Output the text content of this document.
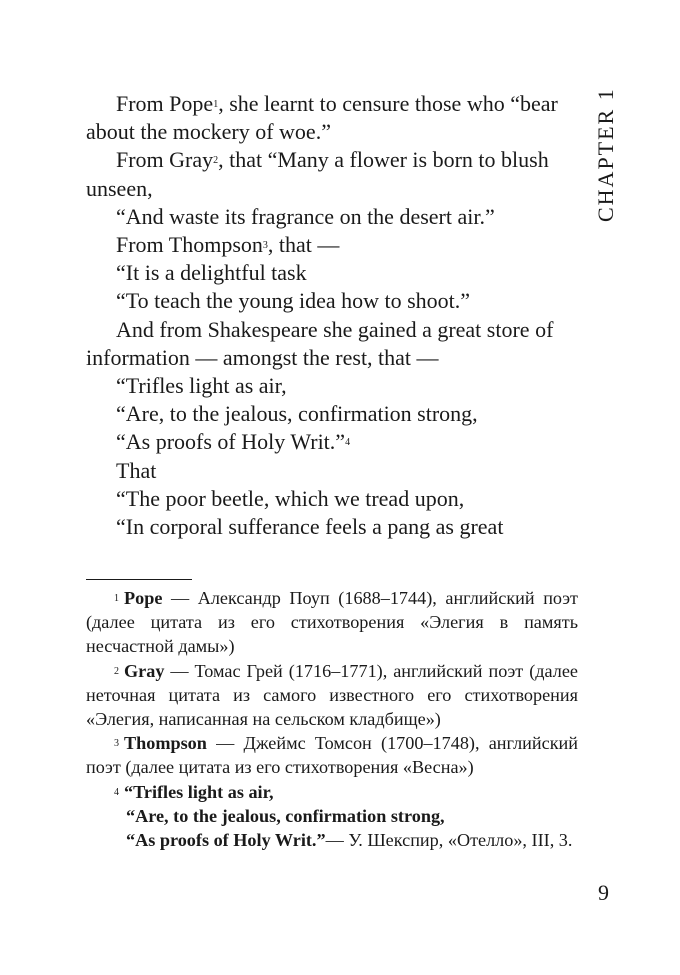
From Pope$^1$, she learnt to censure those who “bear about the mockery of woe.”

From Gray$^2$, that “Many a flower is born to blush unseen,

“And waste its fragrance on the desert air.”

From Thompson$^3$, that —

“It is a delightful task

“To teach the young idea how to shoot.”

And from Shakespeare she gained a great store of information — amongst the rest, that —

“Trifles light as air,

“Are, to the jealous, confirmation strong,

“As proofs of Holy Writ.”$^4$

That

“The poor beetle, which we tread upon,

“In corporal sufferance feels a pang as great

$^1$ Pope — Александр Поуп (1688–1744), английский поэт (далее цитата из его стихотворения «Элегия в память несчастной дамы»)

$^2$ Gray — Томас Грей (1716–1771), английский поэт (далее неточная цитата из самого известного его стихотворения «Элегия, написанная на сельском кладбище»)

$^3$ Thompson — Джеймс Томсон (1700–1748), английский поэт (далее цитата из его стихотворения «Весна»)

$^4$ “Trifles light as air,

“Are, to the jealous, confirmation strong,

“As proofs of Holy Writ.”— У. Шекспир, «Отелло», III, 3.

CHAPTER 1
9
